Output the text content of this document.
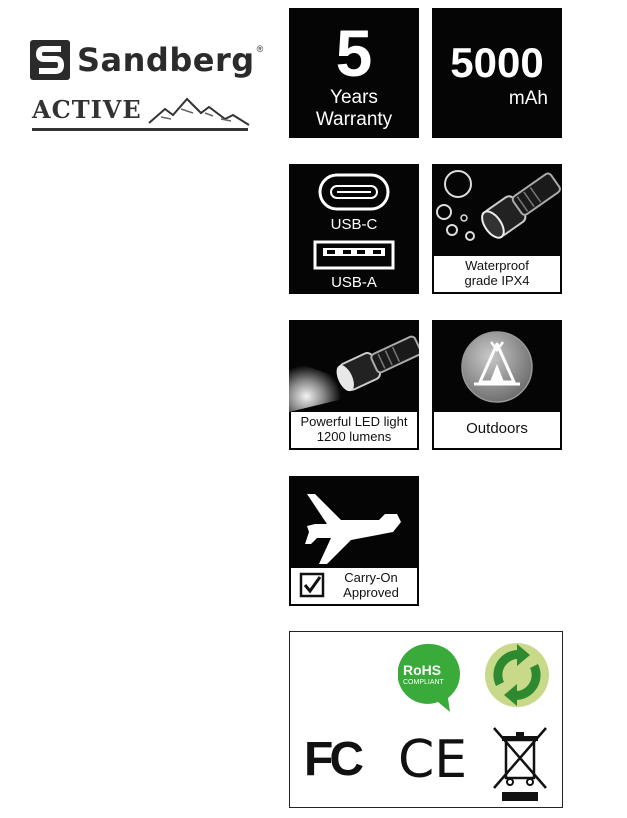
Sandberg ®
ACTIVE
5
Years
Warranty
5000
mAh
USB-C
USB-A
Waterproof
grade IPX4
Powerful LED light
1200 lumens	Outdoors
Carry-On
Approved
RoHS
COMPLIANT
FC CE
